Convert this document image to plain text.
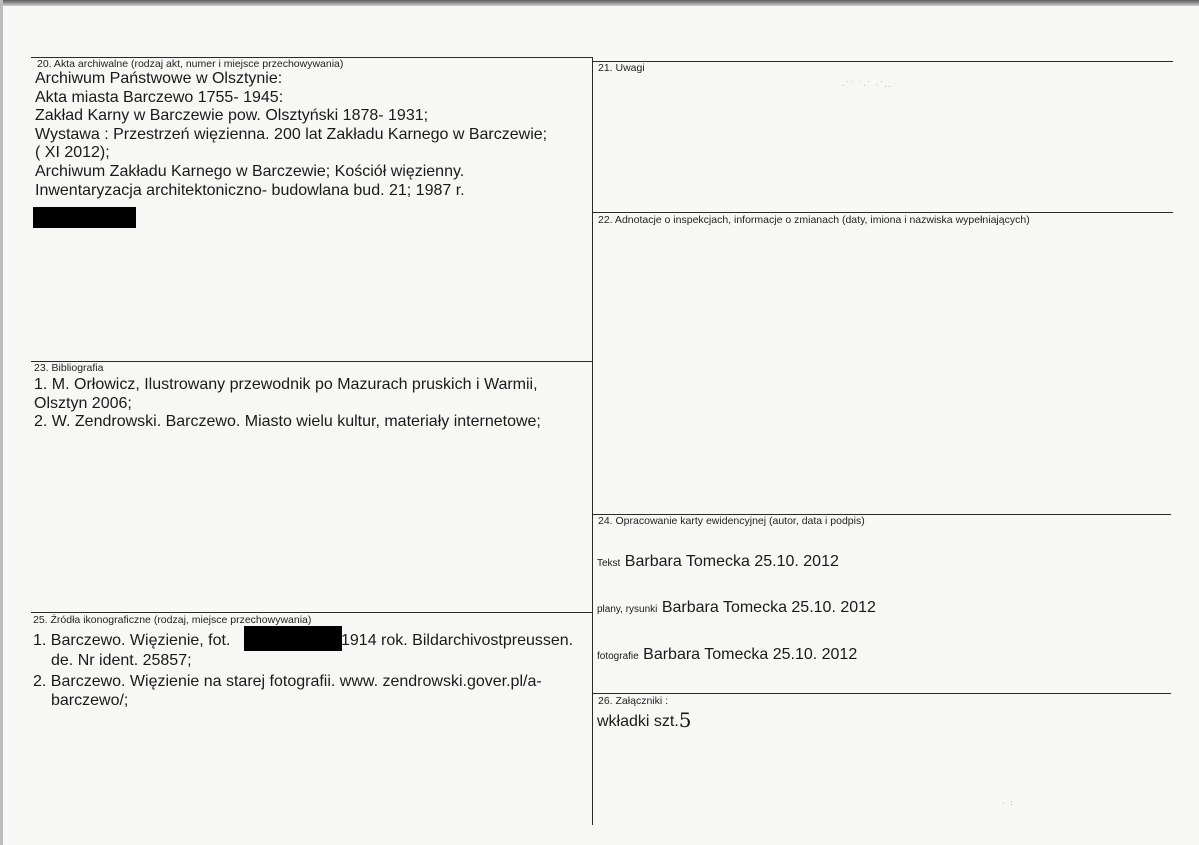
20. Akta archiwalne (rodzaj akt, numer i miejsce przechowywania)
Archiwum Państwowe w Olsztynie:
Akta miasta Barczewo 1755- 1945:
Zakład Karny w Barczewie pow. Olsztyński 1878- 1931;
Wystawa : Przestrzeń więzienna. 200 lat Zakładu Karnego w Barczewie;
( XI 2012);
Archiwum Zakładu Karnego w Barczewie; Kościół więzienny.
Inwentaryzacja architektoniczno- budowlana bud. 21; 1987 r.
21. Uwagi
·˙˙ ˙·˙ ·˙..
22. Adnotacje o inspekcjach, informacje o zmianach (daty, imiona i nazwiska wypełniających)
23. Bibliografia
1. M. Orłowicz, Ilustrowany przewodnik po Mazurach pruskich i Warmii,
Olsztyn 2006;
2. W. Zendrowski. Barczewo. Miasto wielu kultur, materiały internetowe;
24. Opracowanie karty ewidencyjnej (autor, data i podpis)
Tekst Barbara Tomecka 25.10. 2012
plany, rysunki Barbara Tomecka 25.10. 2012
fotografie Barbara Tomecka 25.10. 2012
25. Źródła ikonograficzne (rodzaj, miejsce przechowywania)
1. Barczewo. Więzienie, fot.	1914 rok. Bildarchivostpreussen.
de. Nr ident. 25857;
2. Barczewo. Więzienie na starej fotografii. www. zendrowski.gover.pl/a-
barczewo/;	26. Załączniki :
wkładki szt.5
· :
